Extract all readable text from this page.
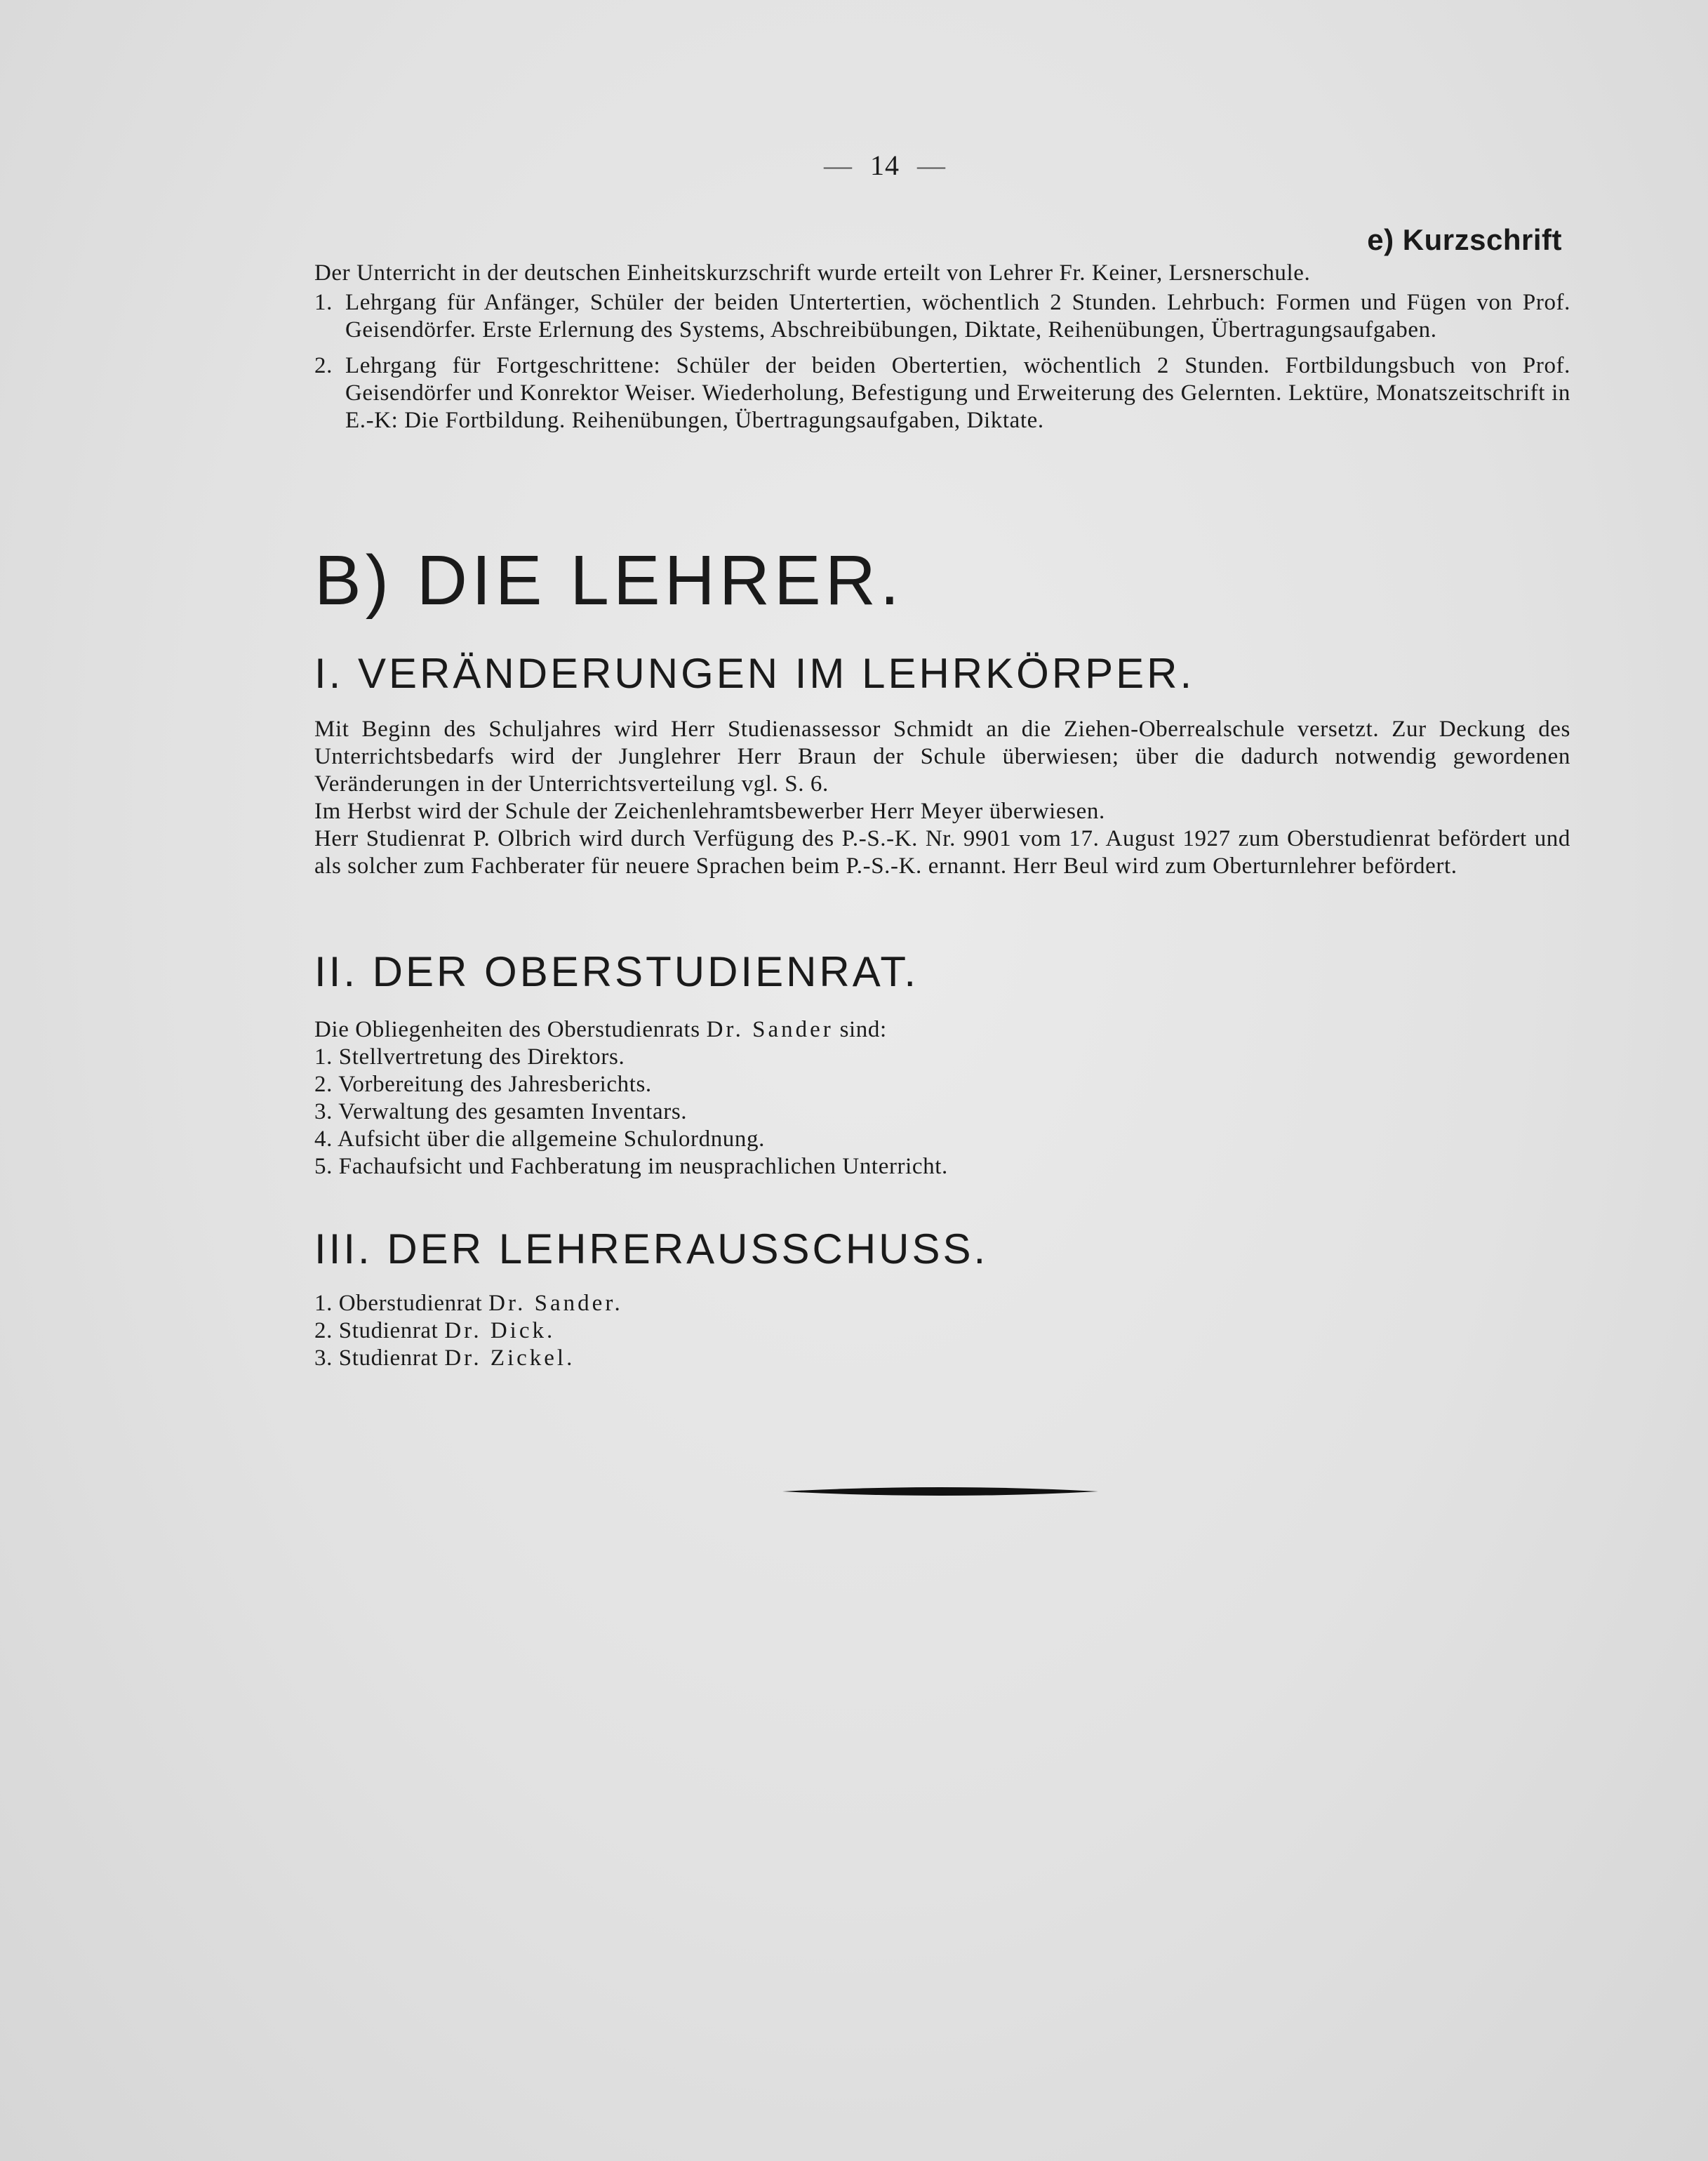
— 14 —
e) Kurzschrift
Der Unterricht in der deutschen Einheitskurzschrift wurde erteilt von Lehrer Fr. Keiner, Lersnerschule.
1. Lehrgang für Anfänger, Schüler der beiden Untertertien, wöchentlich 2 Stunden. Lehrbuch: Formen und Fügen von Prof. Geisendörfer. Erste Erlernung des Systems, Abschreibübungen, Diktate, Reihenübungen, Übertragungsaufgaben.
2. Lehrgang für Fortgeschrittene: Schüler der beiden Obertertien, wöchentlich 2 Stunden. Fortbildungsbuch von Prof. Geisendörfer und Konrektor Weiser. Wiederholung, Befestigung und Erweiterung des Gelernten. Lektüre, Monatszeitschrift in E.-K: Die Fortbildung. Reihenübungen, Übertragungsaufgaben, Diktate.
B) DIE LEHRER.
I. VERÄNDERUNGEN IM LEHRKÖRPER.

Mit Beginn des Schuljahres wird Herr Studienassessor Schmidt an die Ziehen-Oberrealschule versetzt. Zur Deckung des Unterrichtsbedarfs wird der Junglehrer Herr Braun der Schule überwiesen; über die dadurch notwendig gewordenen Veränderungen in der Unterrichtsverteilung vgl. S. 6.

Im Herbst wird der Schule der Zeichenlehramtsbewerber Herr Meyer überwiesen.

Herr Studienrat P. Olbrich wird durch Verfügung des P.-S.-K. Nr. 9901 vom 17. August 1927 zum Oberstudienrat befördert und als solcher zum Fachberater für neuere Sprachen beim P.-S.-K. ernannt. Herr Beul wird zum Oberturnlehrer befördert.

II. DER OBERSTUDIENRAT.

Die Obliegenheiten des Oberstudienrats Dr. Sander sind:

1. Stellvertretung des Direktors.

2. Vorbereitung des Jahresberichts.

3. Verwaltung des gesamten Inventars.

4. Aufsicht über die allgemeine Schulordnung.

5. Fachaufsicht und Fachberatung im neusprachlichen Unterricht.

III. DER LEHRERAUSSCHUSS.

1. Oberstudienrat Dr. Sander.

2. Studienrat Dr. Dick.

3. Studienrat Dr. Zickel.
